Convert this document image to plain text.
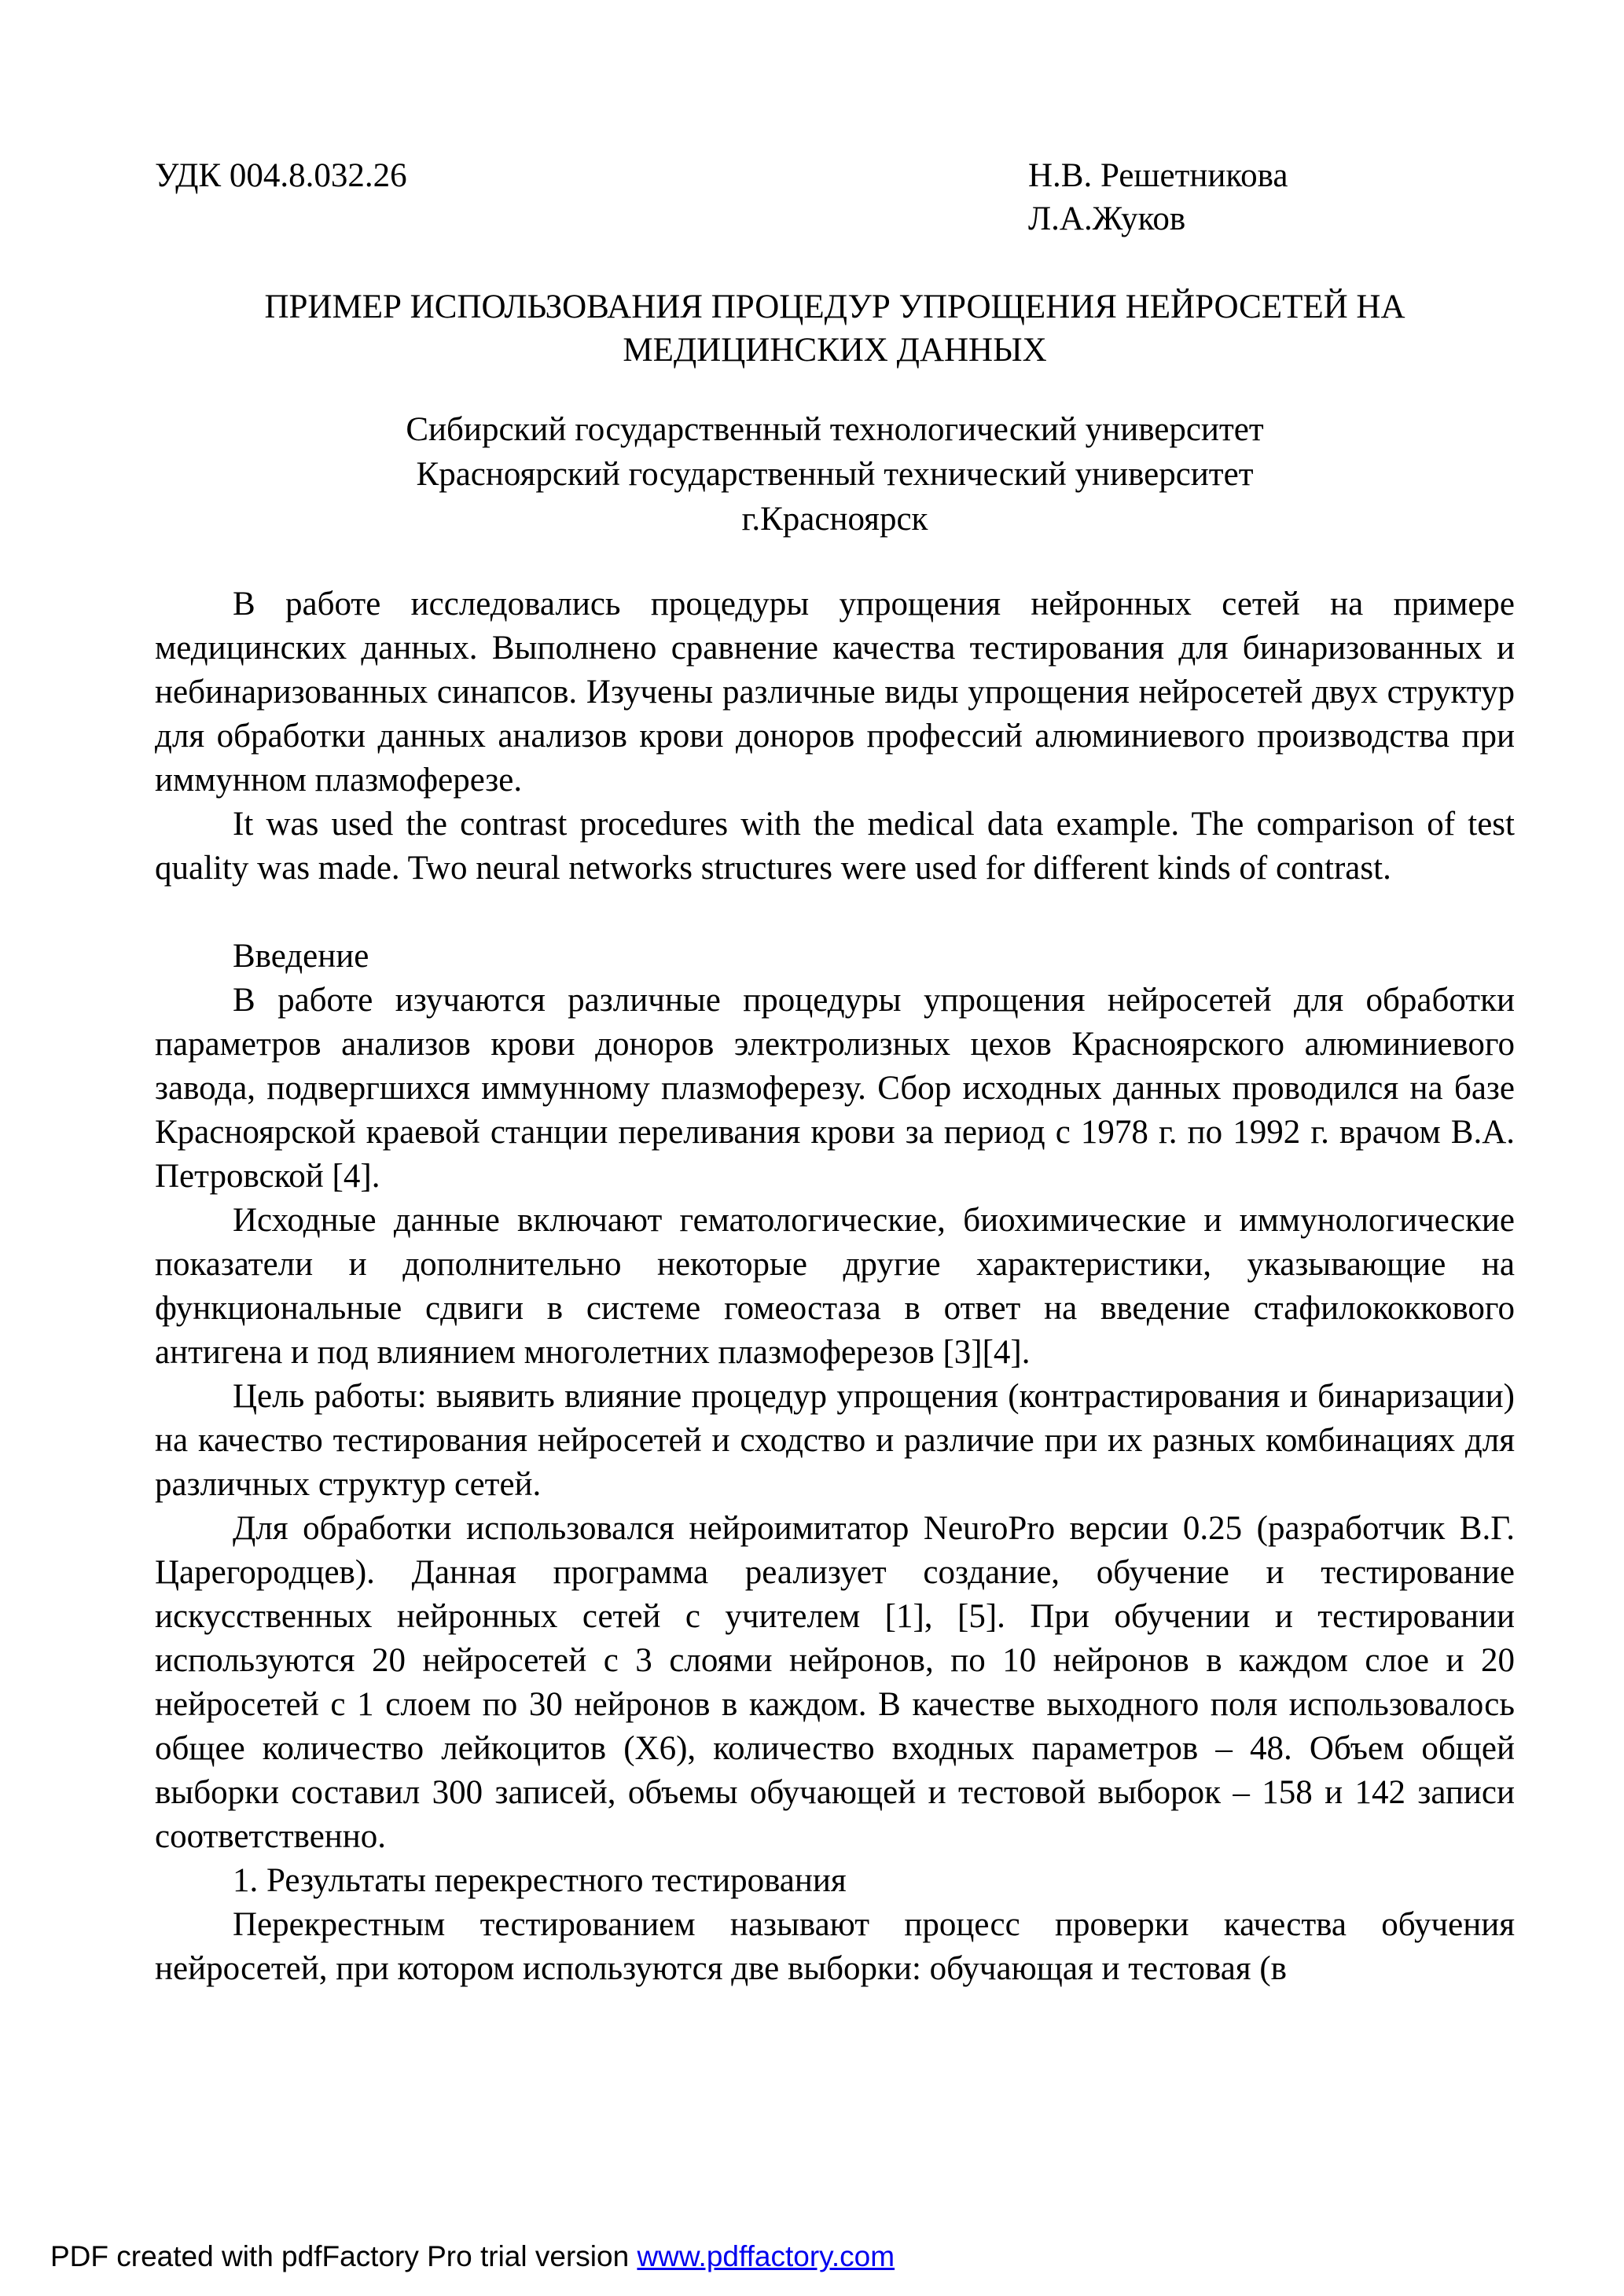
УДК 004.8.032.26	Н.В. Решетникова
Л.А.Жуков
ПРИМЕР ИСПОЛЬЗОВАНИЯ ПРОЦЕДУР УПРОЩЕНИЯ НЕЙРОСЕТЕЙ НА
МЕДИЦИНСКИХ ДАННЫХ
Сибирский государственный технологический университет
Красноярский государственный технический университет
г.Красноярск

В работе исследовались процедуры упрощения нейронных сетей на примере медицинских данных. Выполнено сравнение качества тестирования для бинаризованных и небинаризованных синапсов. Изучены различные виды упрощения нейросетей двух структур для обработки данных анализов крови доноров профессий алюминиевого производства при иммунном плазмоферезе.

It was used the contrast procedures with the medical data example. The comparison of test quality was made. Two neural networks structures were used for different kinds of contrast.

Введение

В работе изучаются различные процедуры упрощения нейросетей для обработки параметров анализов крови доноров электролизных цехов Красноярского алюминиевого завода, подвергшихся иммунному плазмоферезу. Сбор исходных данных проводился на базе Красноярской краевой станции переливания крови за период с 1978 г. по 1992 г. врачом В.А. Петровской [4].

Исходные данные включают гематологические, биохимические и иммунологические показатели и дополнительно некоторые другие характеристики, указывающие на функциональные сдвиги в системе гомеостаза в ответ на введение стафилококкового антигена и под влиянием многолетних плазмоферезов [3][4].

Цель работы: выявить влияние процедур упрощения (контрастирования и бинаризации) на качество тестирования нейросетей и сходство и различие при их разных комбинациях для различных структур сетей.

Для обработки использовался нейроимитатор NeuroPro версии 0.25 (разработчик В.Г. Царегородцев). Данная программа реализует создание, обучение и тестирование искусственных нейронных сетей с учителем [1], [5]. При обучении и тестировании используются 20 нейросетей с 3 слоями нейронов, по 10 нейронов в каждом слое и 20 нейросетей с 1 слоем по 30 нейронов в каждом. В качестве выходного поля использовалось общее количество лейкоцитов (Х6), количество входных параметров – 48. Объем общей выборки составил 300 записей, объемы обучающей и тестовой выборок – 158 и 142 записи соответственно.

1. Результаты перекрестного тестирования

Перекрестным тестированием называют процесс проверки качества обучения нейросетей, при котором используются две выборки: обучающая и тестовая (в

PDF created with pdfFactory Pro trial version www.pdffactory.com
